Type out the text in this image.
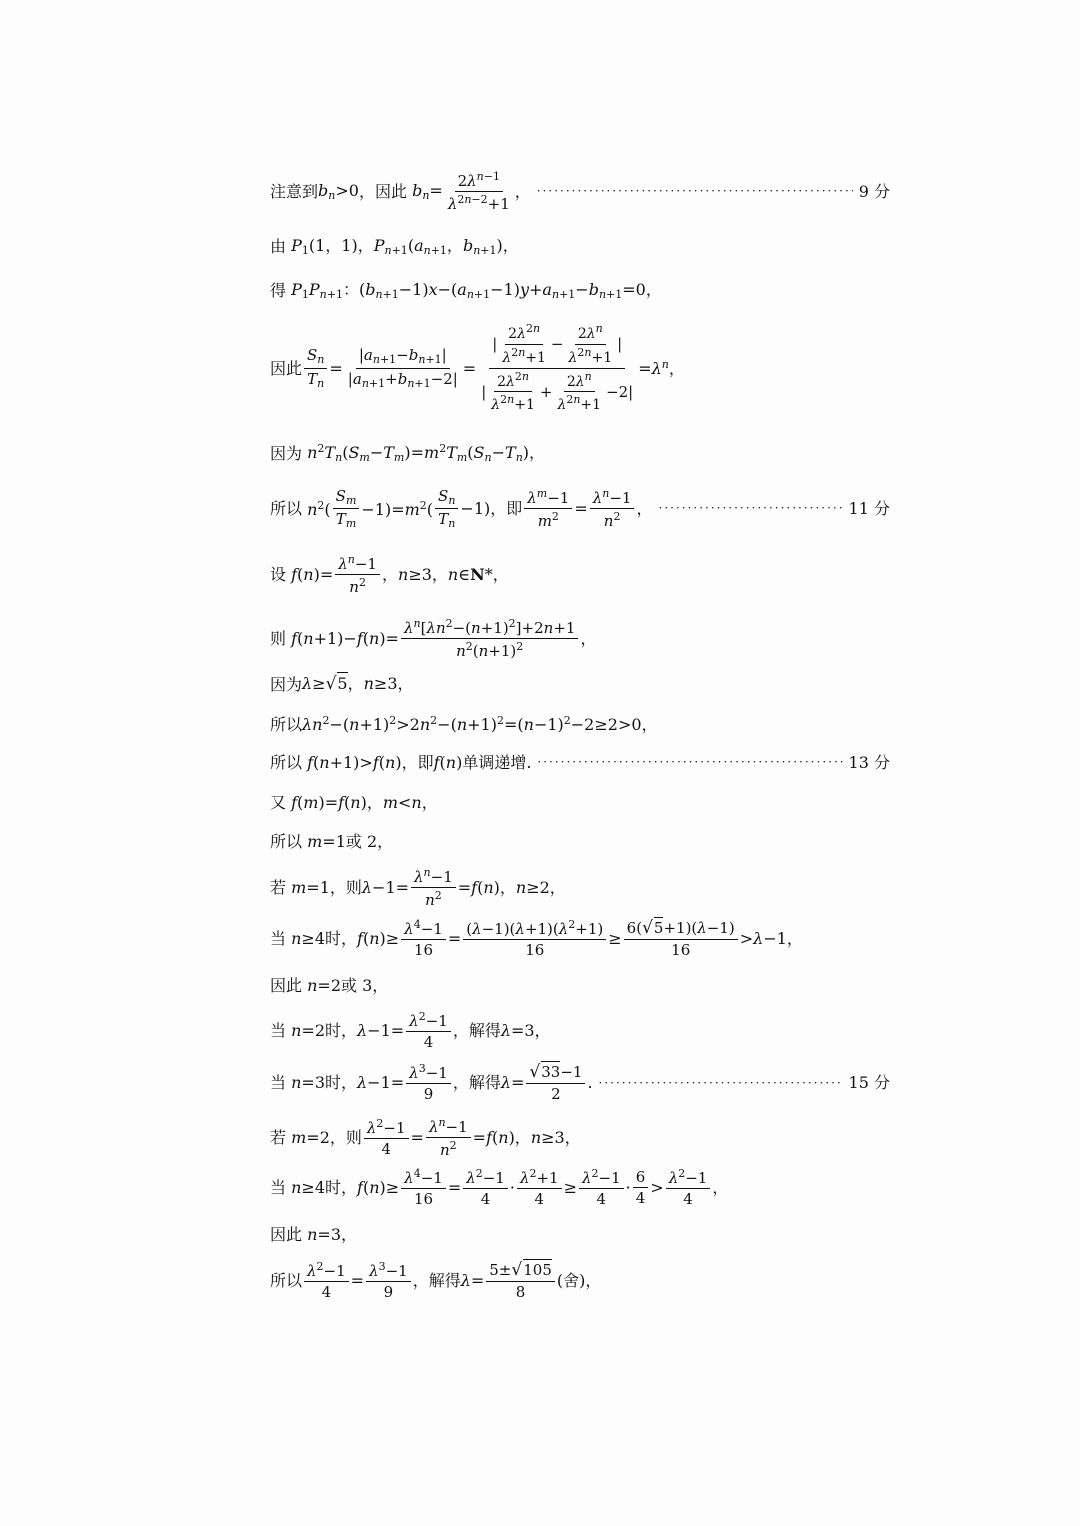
注意到 $b_n>0$ ，因此 $b_n= \frac{2\lambda^{n-1}}{\lambda^{2n-2}+1}$ ， ·····	9 分
由 $P_1(1$，1)，$P_{n+1}(a_{n+1}$，$b_{n+1}$)，
得 $P_1P_{n+1}$：$(b_{n+1}-1)x-(a_{n+1}-1)y+a_{n+1}-b_{n+1}=0$，
因此 $\frac{S_n}{T_n} = \frac{|a_{n+1}-b_{n+1}|}{|a_{n+1}+b_{n+1}-2|} = \frac{| \frac{2\lambda^{2n}}{\lambda^{2n}+1} - \frac{2\lambda^n}{\lambda^{2n}+1} |}{| \frac{2\lambda^{2n}}{\lambda^{2n}+1} + \frac{2\lambda^n}{\lambda^{2n}+1} -2|} =\lambda^n$，
因为 $n^2T_n(S_m-T_m)=m^2T_m(S_n-T_n)$，
所以 $n^2( \frac{S_m}{T_m} -1)=m^2( \frac{S_n}{T_n} -1)$ ，即 $\frac{\lambda^m-1}{m^2} = \frac{\lambda^n-1}{n^2}$ ， ·····	11 分
设 $f(n)= \frac{\lambda^n-1}{n^2}$ ，n≥3，n∈N*，
则 $f(n+1)-f(n)= \frac{\lambda^n[\lambda n^2-(n+1)^2]+2n+1}{n^2(n+1)^2}$ ，
因为 λ≥√5，n≥3，
所以 $\lambda n^2-(n+1)^2>2n^2-(n+1)^2=(n-1)^2-2\ge 2>0$，
所以 f(n+1)>f(n) ，即 f(n) 单调递增. ·····	13 分
又 f(m)=f(n)，m<n，
所以 m=1 或 2，
若 m=1 ，则 $\lambda-1= \frac{\lambda^n-1}{n^2} =f(n)$，n≥2，
当 n≥4 时， $f(n)\ge \frac{\lambda^4-1}{16} = \frac{(\lambda-1)(\lambda+1)(\lambda^2+1)}{16} \ge \frac{6(√5+1)(\lambda-1)}{16} >\lambda-1$，
因此 n=2 或 3，
当 n=2 时， $\lambda-1= \frac{\lambda^2-1}{4}$ ，解得 λ=3，
当 n=3 时， $\lambda-1= \frac{\lambda^3-1}{9}$ ，解得 $\lambda= \frac{√33-1}{2}$ . ·····	15 分
若 m=2 ，则 $\frac{\lambda^2-1}{4} = \frac{\lambda^n-1}{n^2} =f(n)$，n≥3，
当 n≥4 时， $f(n)\ge \frac{\lambda^4-1}{16} = \frac{\lambda^2-1}{4} \cdot \frac{\lambda^2+1}{4} \ge \frac{\lambda^2-1}{4} \cdot \frac{6}{4} > \frac{\lambda^2-1}{4}$ ，
因此 n=3，
所以 $\frac{\lambda^2-1}{4} = \frac{\lambda^3-1}{9}$ ，解得 $\lambda= \frac{5\pm√105}{8}$ (舍)，
